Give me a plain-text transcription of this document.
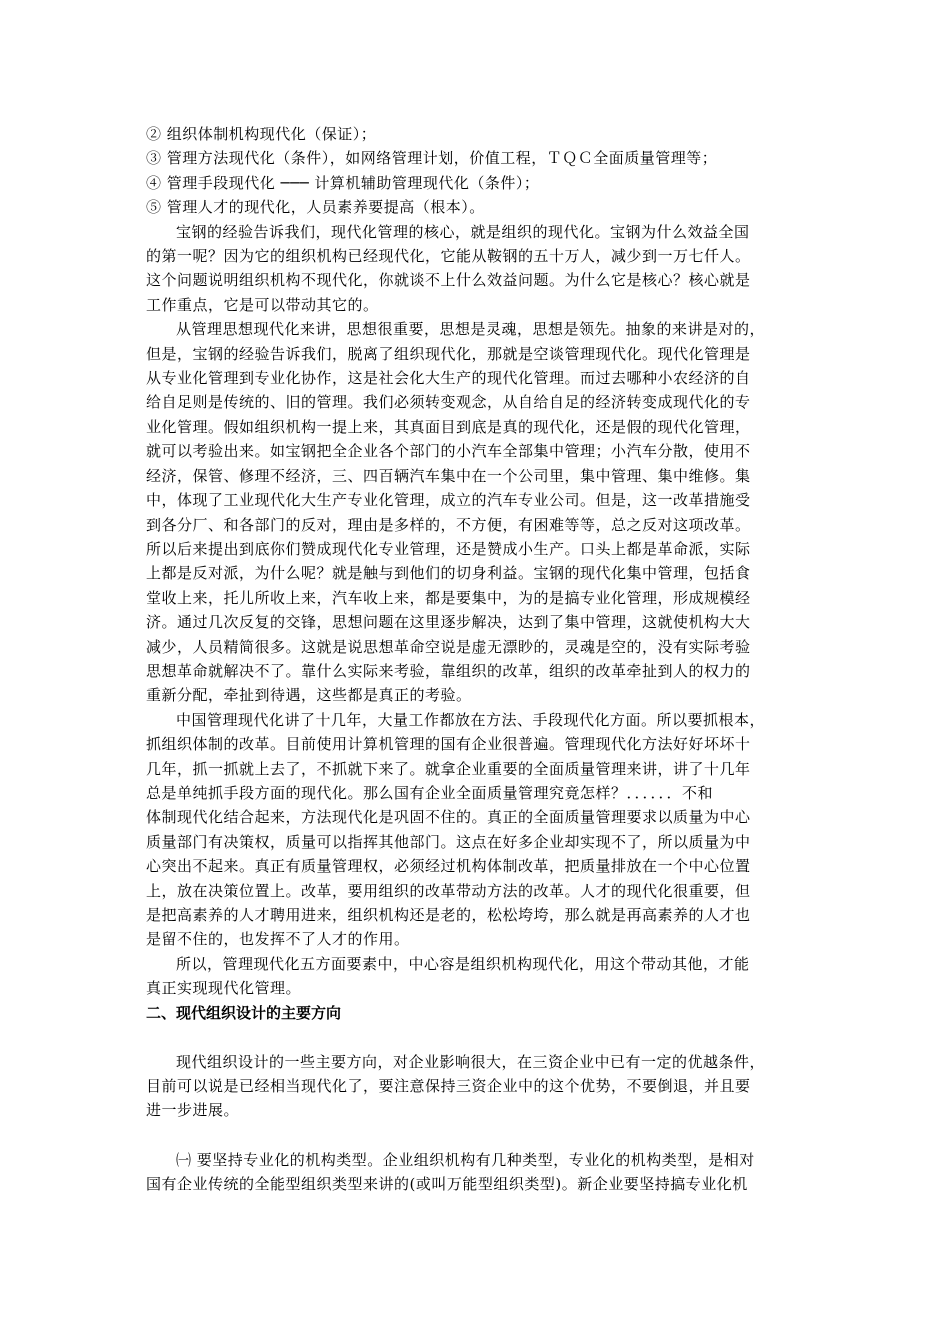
② 组织体制机构现代化（保证）；
③ 管理方法现代化（条件），如网络管理计划，价值工程，ＴＱＣ全面质量管理等；
④ 管理手段现代化 ─── 计算机辅助管理现代化（条件）；
⑤ 管理人才的现代化，人员素养要提高（根本）。
宝钢的经验告诉我们，现代化管理的核心，就是组织的现代化。宝钢为什么效益全国
的第一呢？因为它的组织机构已经现代化，它能从鞍钢的五十万人，减少到一万七仟人。
这个问题说明组织机构不现代化，你就谈不上什么效益问题。为什么它是核心？核心就是
工作重点，它是可以带动其它的。
从管理思想现代化来讲，思想很重要，思想是灵魂，思想是领先。抽象的来讲是对的，
但是，宝钢的经验告诉我们，脱离了组织现代化，那就是空谈管理现代化。现代化管理是
从专业化管理到专业化协作，这是社会化大生产的现代化管理。而过去哪种小农经济的自
给自足则是传统的、旧的管理。我们必须转变观念，从自给自足的经济转变成现代化的专
业化管理。假如组织机构一提上来，其真面目到底是真的现代化，还是假的现代化管理，
就可以考验出来。如宝钢把全企业各个部门的小汽车全部集中管理；小汽车分散，使用不
经济，保管、修理不经济，三、四百辆汽车集中在一个公司里，集中管理、集中维修。集
中，体现了工业现代化大生产专业化管理，成立的汽车专业公司。但是，这一改革措施受
到各分厂、和各部门的反对，理由是多样的，不方便，有困难等等，总之反对这项改革。
所以后来提出到底你们赞成现代化专业管理，还是赞成小生产。口头上都是革命派，实际
上都是反对派，为什么呢？就是触与到他们的切身利益。宝钢的现代化集中管理，包括食
堂收上来，托儿所收上来，汽车收上来，都是要集中，为的是搞专业化管理，形成规模经
济。通过几次反复的交锋，思想问题在这里逐步解决，达到了集中管理，这就使机构大大
减少，人员精简很多。这就是说思想革命空说是虚无漂眇的，灵魂是空的，没有实际考验
思想革命就解决不了。靠什么实际来考验，靠组织的改革，组织的改革牵扯到人的权力的
重新分配，牵扯到待遇，这些都是真正的考验。
中国管理现代化讲了十几年，大量工作都放在方法、手段现代化方面。所以要抓根本，
抓组织体制的改革。目前使用计算机管理的国有企业很普遍。管理现代化方法好好坏坏十
几年，抓一抓就上去了，不抓就下来了。就拿企业重要的全面质量管理来讲，讲了十几年
总是单纯抓手段方面的现代化。那么国有企业全面质量管理究竟怎样？．．．．．．不和
体制现代化结合起来，方法现代化是巩固不住的。真正的全面质量管理要求以质量为中心
质量部门有决策权，质量可以指挥其他部门。这点在好多企业却实现不了，所以质量为中
心突出不起来。真正有质量管理权，必须经过机构体制改革，把质量排放在一个中心位置
上，放在决策位置上。改革，要用组织的改革带动方法的改革。人才的现代化很重要，但
是把高素养的人才聘用进来，组织机构还是老的，松松垮垮，那么就是再高素养的人才也
是留不住的，也发挥不了人才的作用。
所以，管理现代化五方面要素中，中心容是组织机构现代化，用这个带动其他，才能
真正实现现代化管理。
二、现代组织设计的主要方向
现代组织设计的一些主要方向，对企业影响很大，在三资企业中已有一定的优越条件，
目前可以说是已经相当现代化了，要注意保持三资企业中的这个优势，不要倒退，并且要
进一步进展。
㈠ 要坚持专业化的机构类型。企业组织机构有几种类型，专业化的机构类型，是相对
国有企业传统的全能型组织类型来讲的(或叫万能型组织类型)。新企业要坚持搞专业化机
